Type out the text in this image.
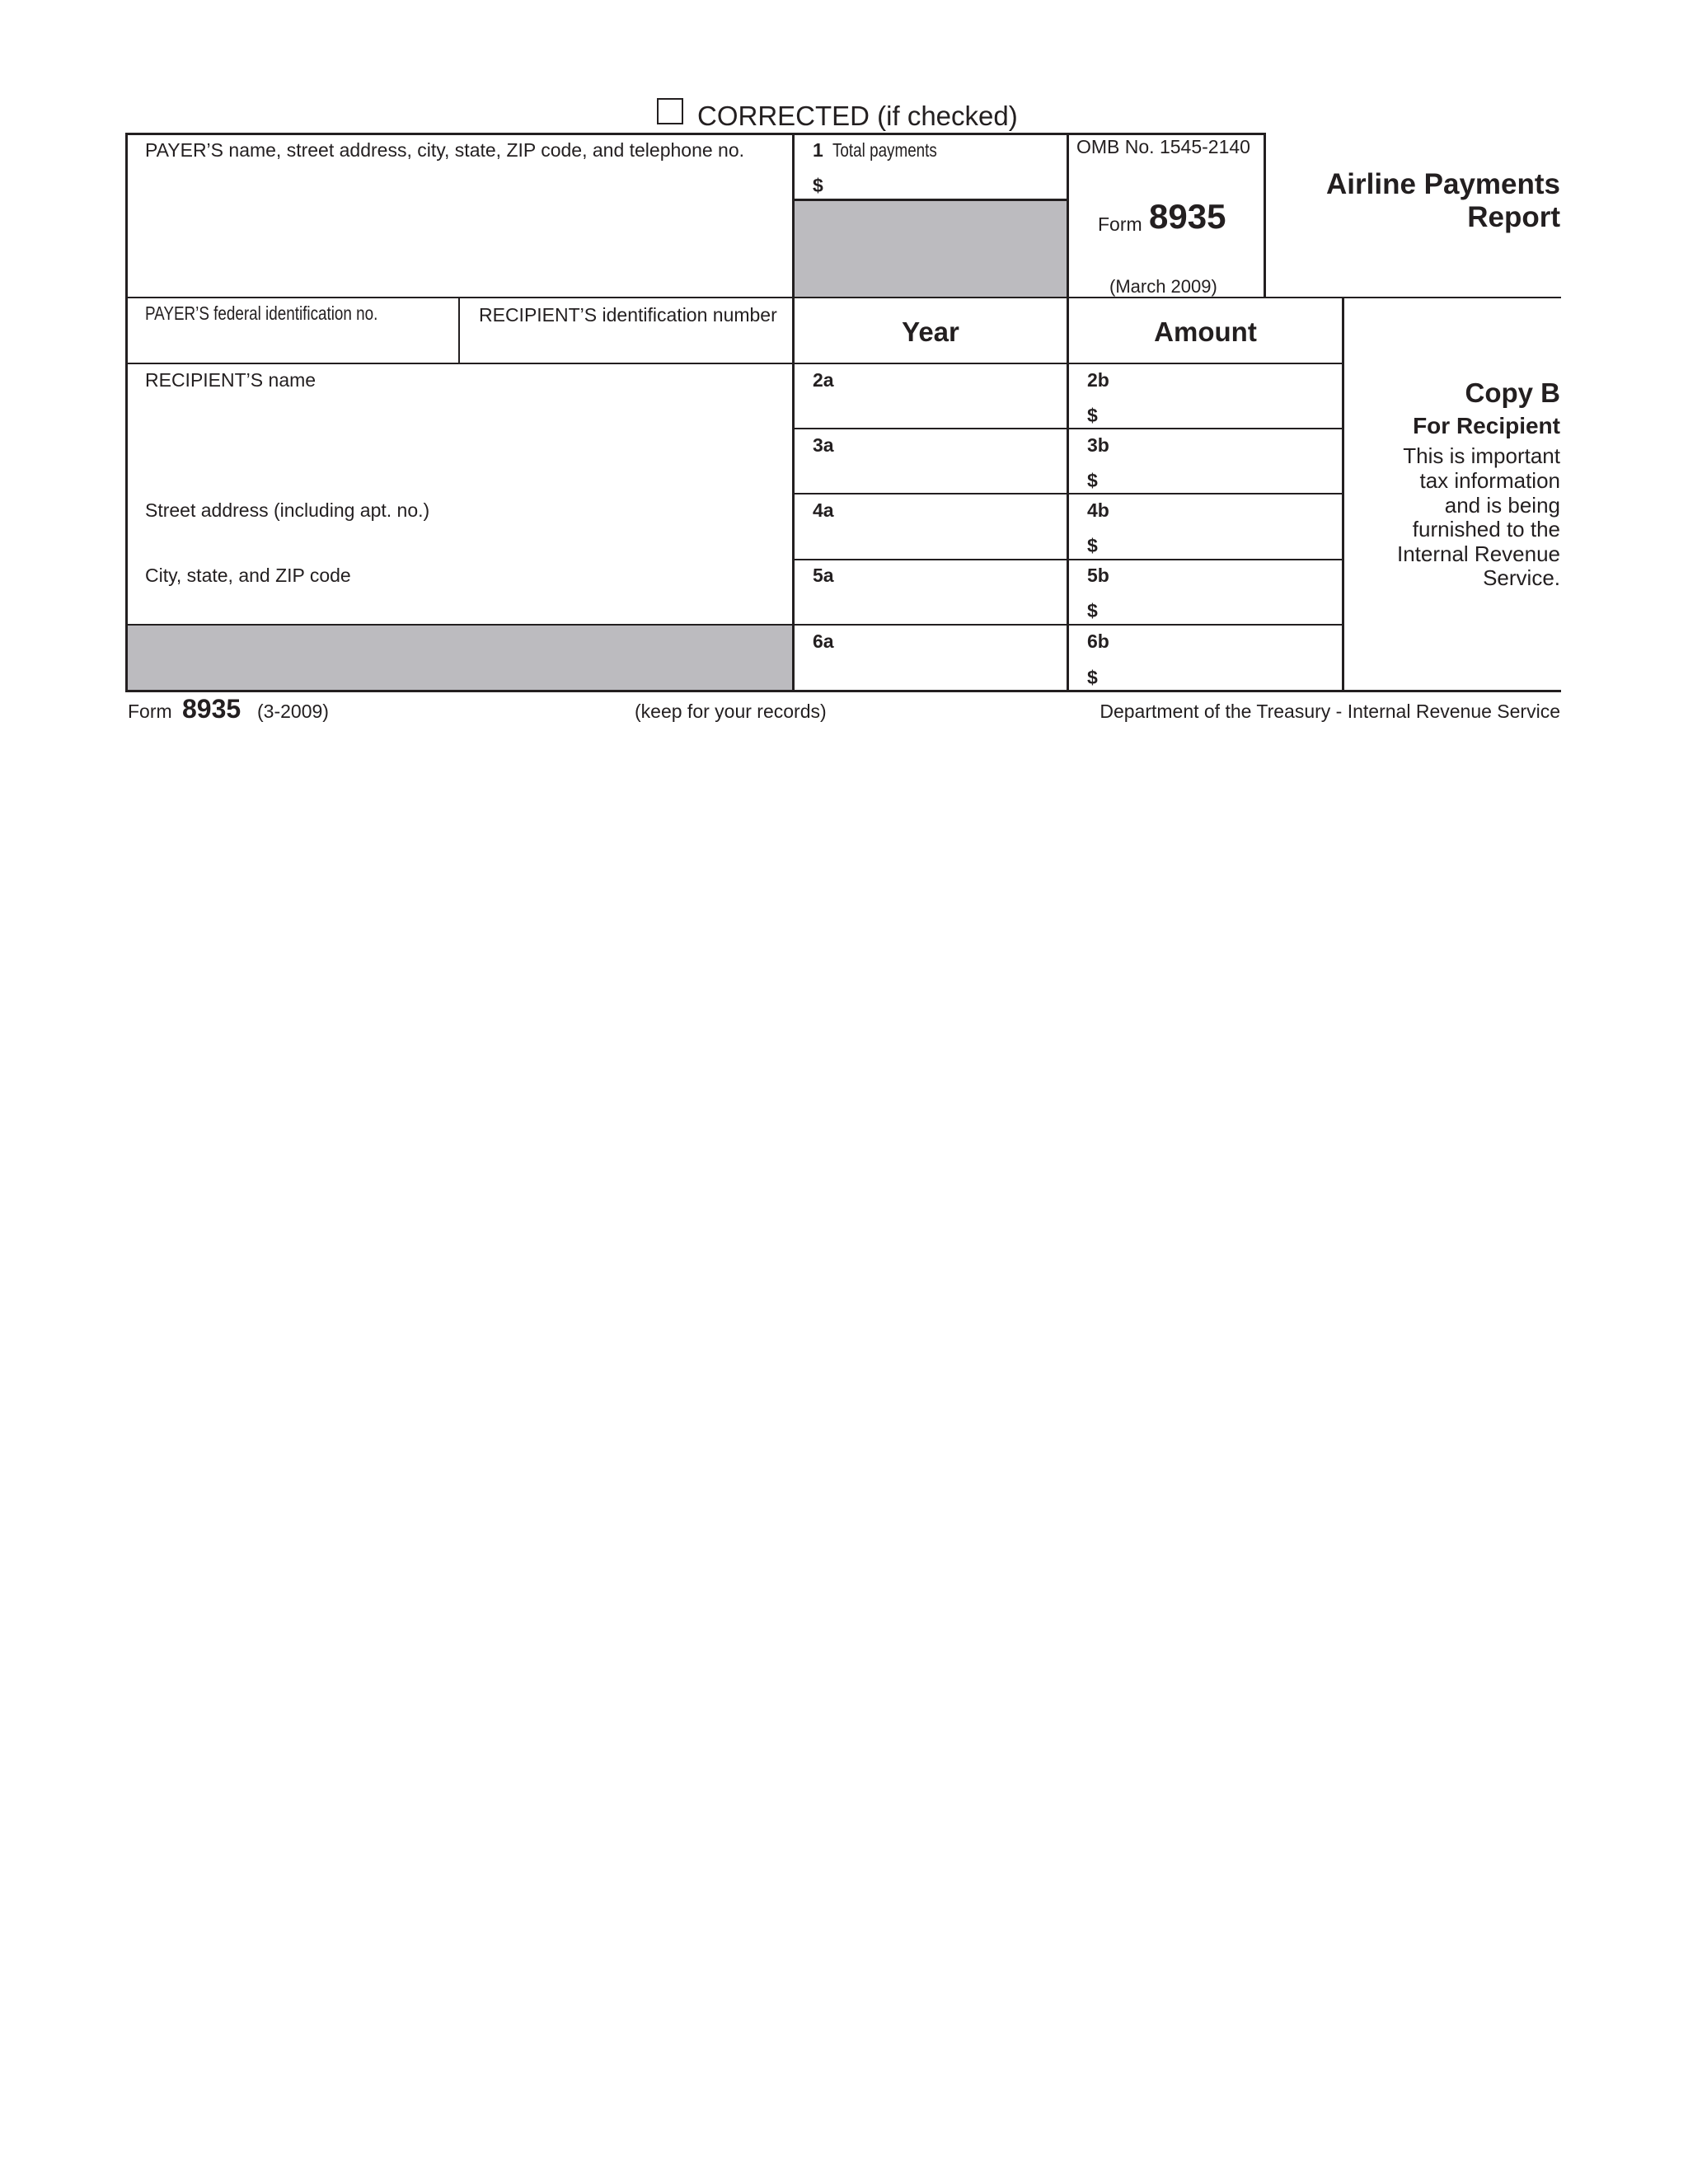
CORRECTED (if checked)
PAYER’S name, street address, city, state, ZIP code, and telephone no.	1 Total payments
$
OMB No. 1545-2140
Form 8935
(March 2009)
Airline Payments
Report
PAYER’S federal identification no.	RECIPIENT’S identification number
Year	Amount
RECIPIENT’S name
Street address (including apt. no.)
City, state, and ZIP code
2a	2b
$
3a	3b
$
4a	4b
$
5a	5b
$
6a	6b
$
Copy B
For Recipient
This is important
tax information
and is being
furnished to the
Internal Revenue
Service.
Form 8935 (3-2009)	(keep for your records)	Department of the Treasury - Internal Revenue Service
